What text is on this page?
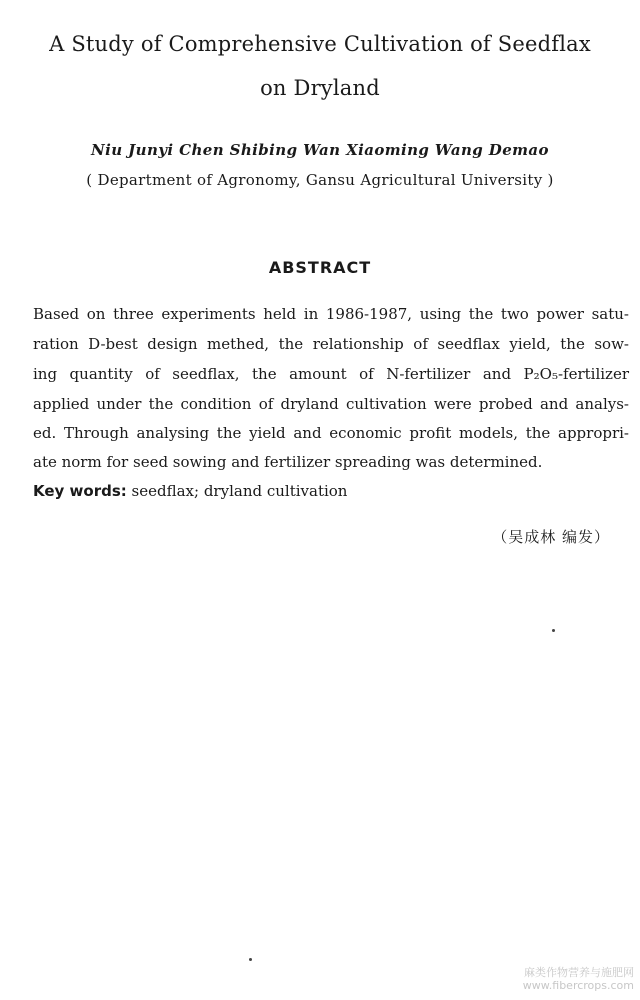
A Study of Comprehensive Cultivation of Seedflax
on Dryland
Niu Junyi Chen Shibing Wan Xiaoming Wang Demao
( Department of Agronomy, Gansu Agricultural University )
ABSTRACT
Based on three experiments held in 1986-1987, using the two power satu-
ration D-best design methed, the relationship of seedflax yield, the sow-
ing quantity of seedflax, the amount of N-fertilizer and P₂O₅-fertilizer
applied under the condition of dryland cultivation were probed and analys-
ed. Through analysing the yield and economic profit models, the appropri-
ate norm for seed sowing and fertilizer spreading was determined.
Key words: seedflax; dryland cultivation
（吴成林 编发）
麻类作物营养与施肥网
www.fibercrops.com
